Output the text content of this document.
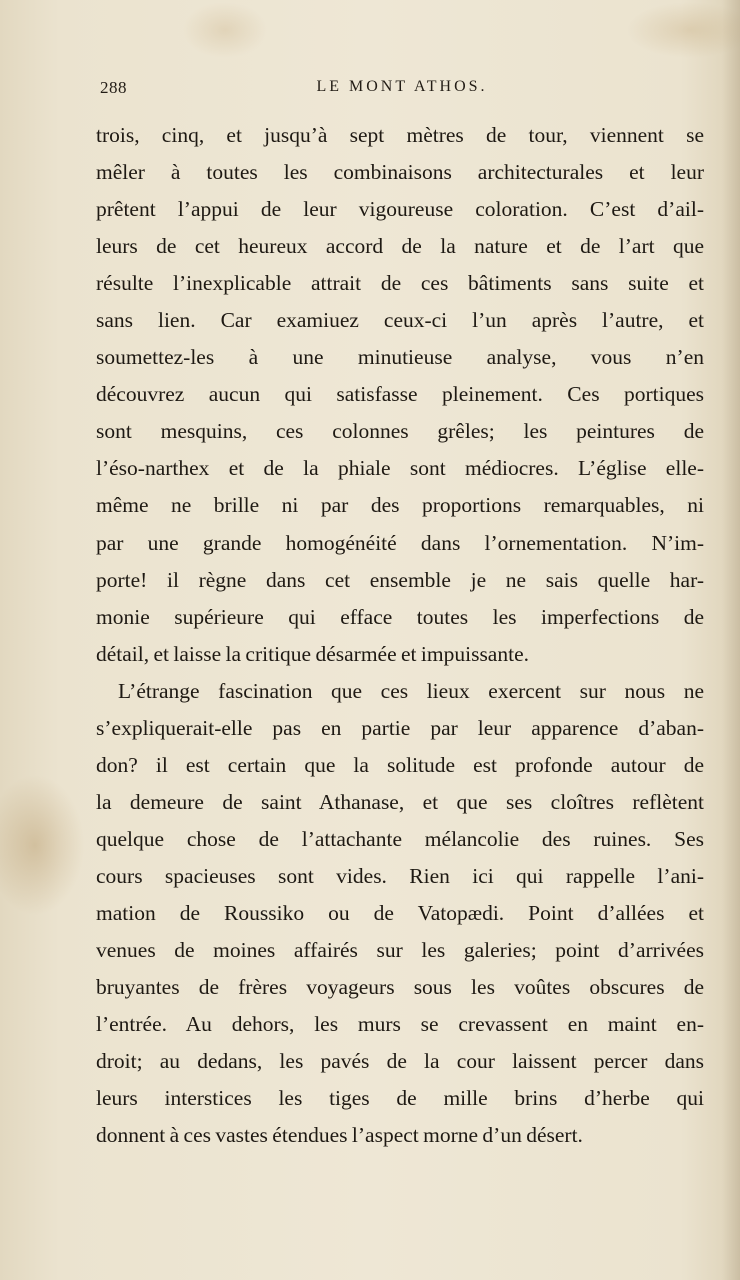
288	LE MONT ATHOS.
trois, cinq, et jusqu’à sept mètres de tour, viennent se
mêler à toutes les combinaisons architecturales et leur
prêtent l’appui de leur vigoureuse coloration. C’est d’ail-
leurs de cet heureux accord de la nature et de l’art que
résulte l’inexplicable attrait de ces bâtiments sans suite et
sans lien. Car examiuez ceux-ci l’un après l’autre, et
soumettez-les à une minutieuse analyse, vous n’en
découvrez aucun qui satisfasse pleinement. Ces portiques
sont mesquins, ces colonnes grêles; les peintures de
l’éso-narthex et de la phiale sont médiocres. L’église elle-
même ne brille ni par des proportions remarquables, ni
par une grande homogénéité dans l’ornementation. N’im-
porte! il règne dans cet ensemble je ne sais quelle har-
monie supérieure qui efface toutes les imperfections de
détail, et laisse la critique désarmée et impuissante.
L’étrange fascination que ces lieux exercent sur nous ne
s’expliquerait-elle pas en partie par leur apparence d’aban-
don? il est certain que la solitude est profonde autour de
la demeure de saint Athanase, et que ses cloîtres reflètent
quelque chose de l’attachante mélancolie des ruines. Ses
cours spacieuses sont vides. Rien ici qui rappelle l’ani-
mation de Roussiko ou de Vatopædi. Point d’allées et
venues de moines affairés sur les galeries; point d’arrivées
bruyantes de frères voyageurs sous les voûtes obscures de
l’entrée. Au dehors, les murs se crevassent en maint en-
droit; au dedans, les pavés de la cour laissent percer dans
leurs interstices les tiges de mille brins d’herbe qui
donnent à ces vastes étendues l’aspect morne d’un désert.
